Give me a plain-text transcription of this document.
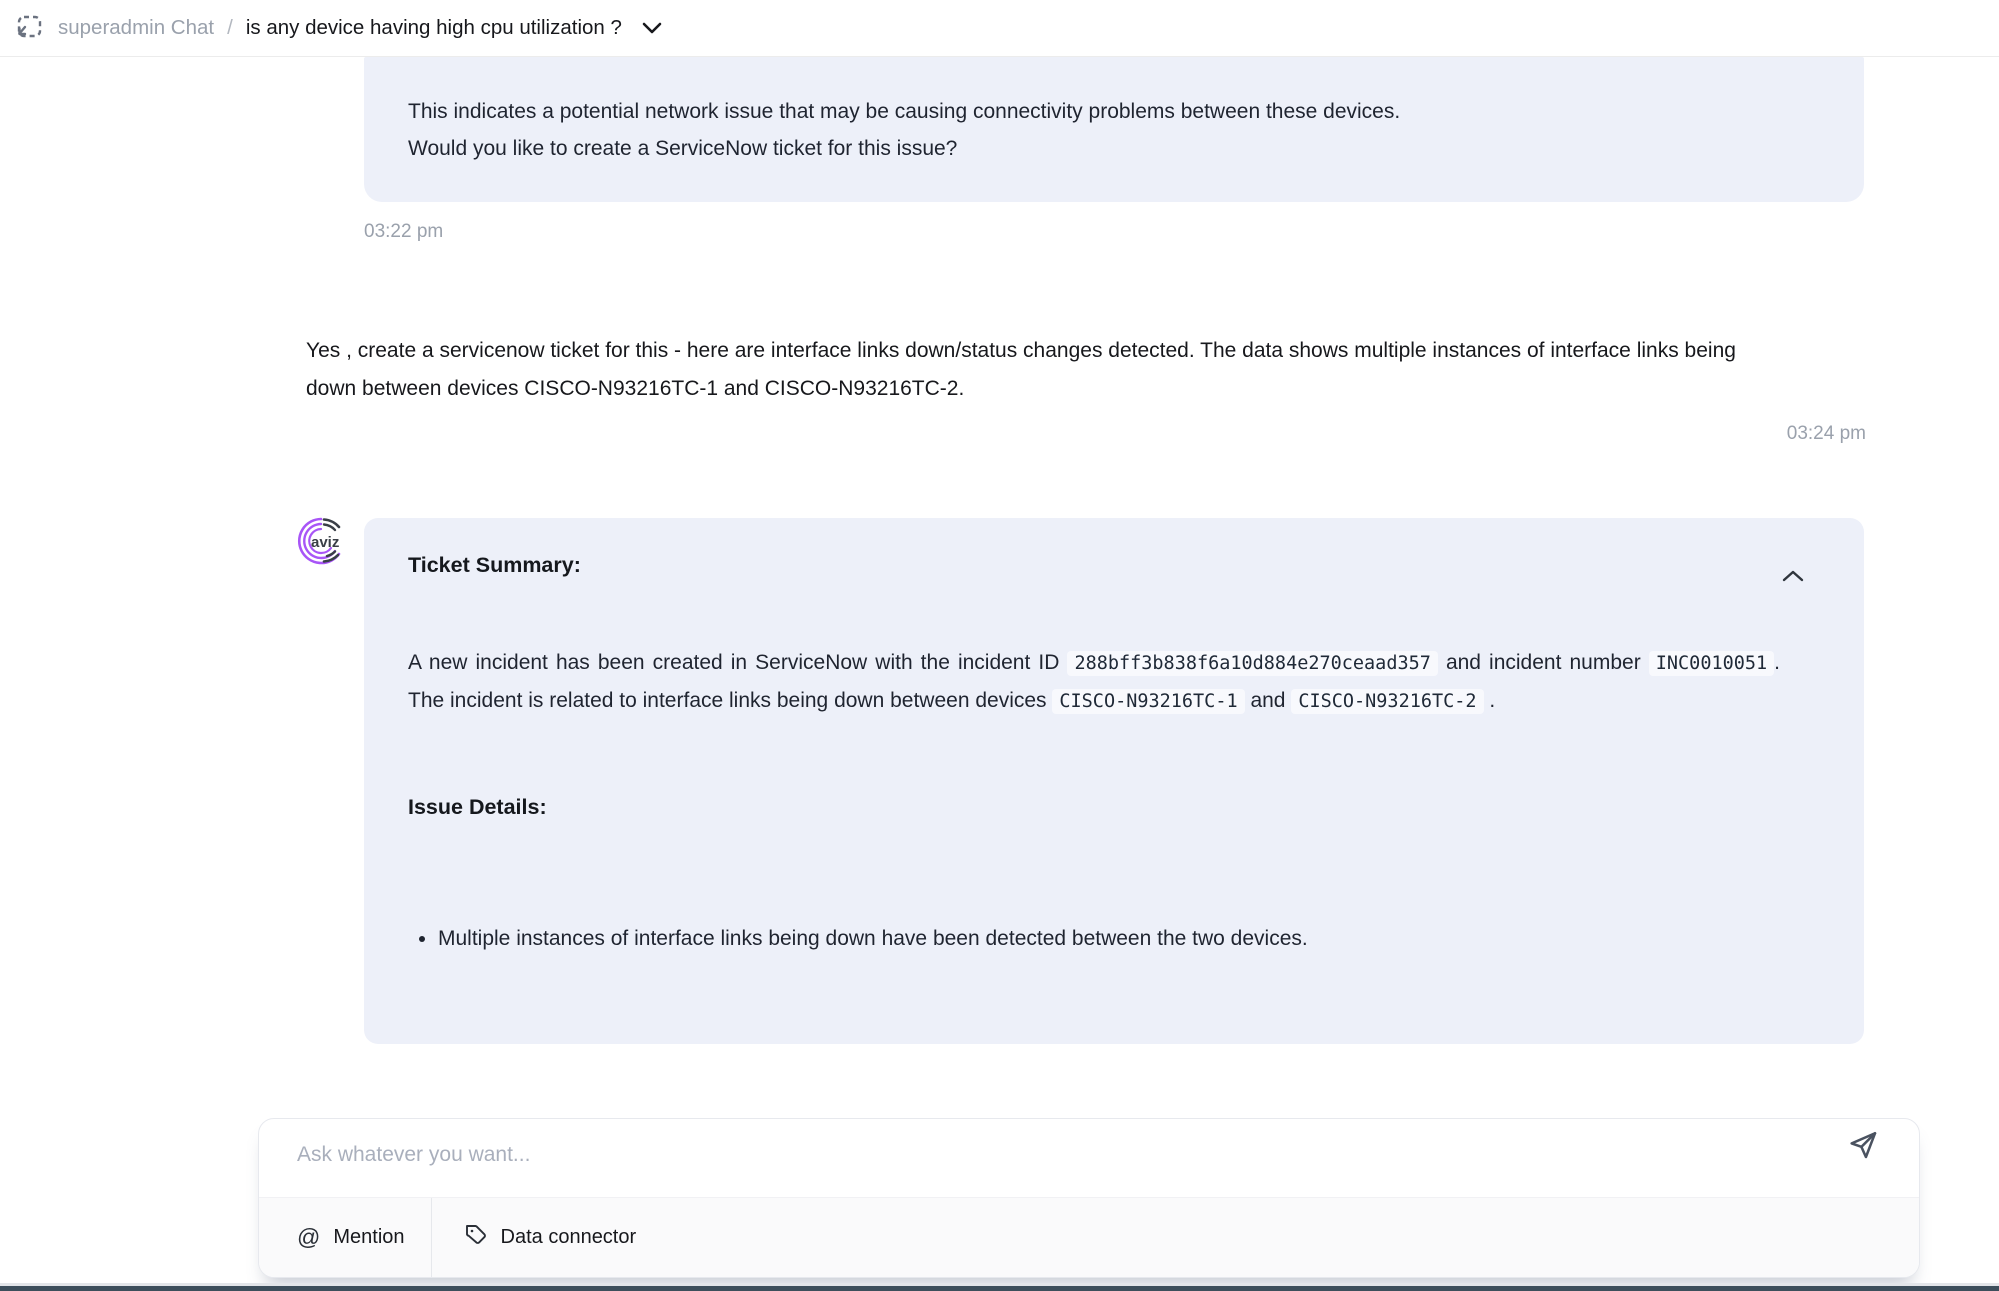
superadmin Chat / is any device having high cpu utilization ?
This indicates a potential network issue that may be causing connectivity problems between these devices.
Would you like to create a ServiceNow ticket for this issue?
03:22 pm
Yes , create a servicenow ticket for this - here are interface links down/status changes detected. The data shows multiple instances of interface links being down between devices CISCO-N93216TC-1 and CISCO-N93216TC-2.
03:24 pm
aviz
Ticket Summary:
A new incident has been created in ServiceNow with the incident ID 288bff3b838f6a10d884e270ceaad357 and incident number INC0010051 . The incident is related to interface links being down between devices CISCO-N93216TC-1 and CISCO-N93216TC-2 .
Issue Details:
• Multiple instances of interface links being down have been detected between the two devices.
Ask whatever you want...
@ Mention	Data connector
